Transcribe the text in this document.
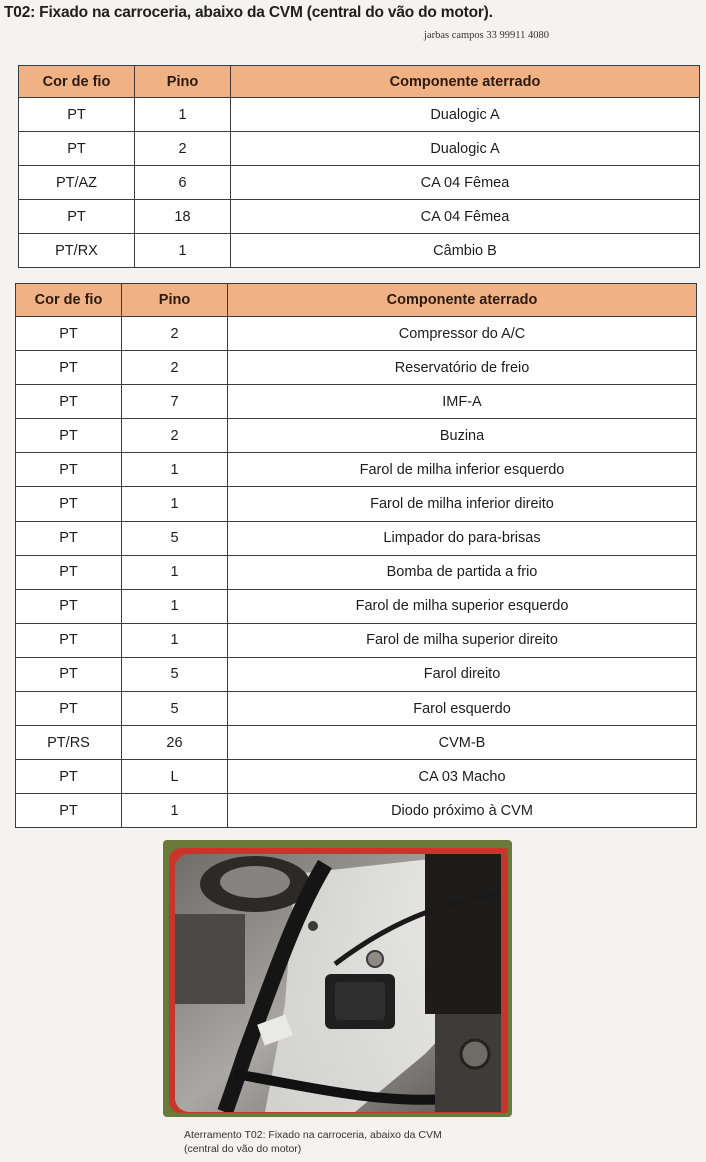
T02: Fixado na carroceria, abaixo da CVM (central do vão do motor).
jarbas campos 33 99911 4080
Cor de fio	Pino	Componente aterrado
PT	1	Dualogic A
PT	2	Dualogic A
PT/AZ	6	CA 04 Fêmea
PT	18	CA 04 Fêmea
PT/RX	1	Câmbio B
Cor de fio	Pino	Componente aterrado
PT	2	Compressor do A/C
PT	2	Reservatório de freio
PT	7	IMF-A
PT	2	Buzina
PT	1	Farol de milha inferior esquerdo
PT	1	Farol de milha inferior direito
PT	5	Limpador do para-brisas
PT	1	Bomba de partida a frio
PT	1	Farol de milha superior esquerdo
PT	1	Farol de milha superior direito
PT	5	Farol direito
PT	5	Farol esquerdo
PT/RS	26	CVM-B
PT	L	CA 03 Macho
PT	1	Diodo próximo à CVM
Aterramento T02: Fixado na carroceria, abaixo da CVM
(central do vão do motor)
